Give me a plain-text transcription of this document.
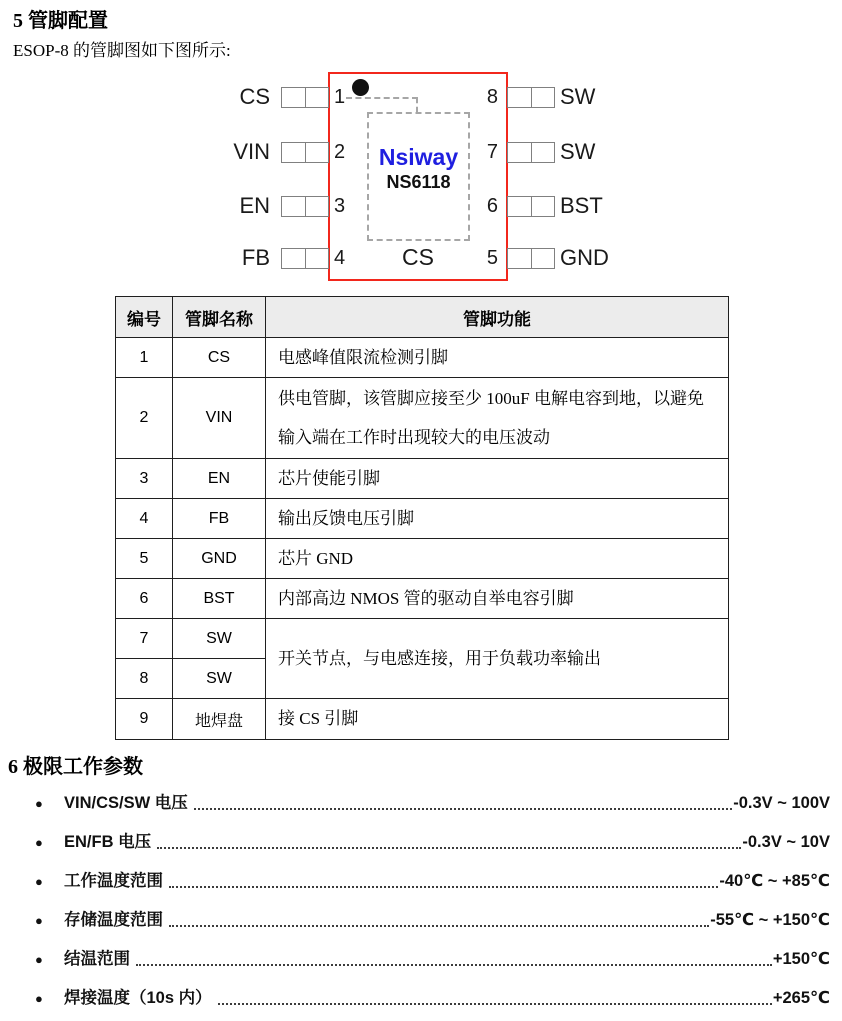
5 管脚配置
ESOP-8 的管脚图如下图所示:
Nsiway
NS6118
CS
CS	1
VIN	2
EN	3
FB	4
8	SW
7	SW
6	BST
5	GND
编号	管脚名称	管脚功能
1	CS	电感峰值限流检测引脚
2	VIN	供电管脚，该管脚应接至少 100uF 电解电容到地，以避免输入端在工作时出现较大的电压波动
3	EN	芯片使能引脚
4	FB	输出反馈电压引脚
5	GND	芯片 GND
6	BST	内部高边 NMOS 管的驱动自举电容引脚
7	SW	开关节点，与电感连接，用于负载功率输出
8	SW	
9	地焊盘	接 CS 引脚
6 极限工作参数
●	VIN/CS/SW 电压	-0.3V ~ 100V
●	EN/FB 电压	-0.3V ~ 10V
●	工作温度范围	-40℃ ~ +85℃
●	存储温度范围	-55℃ ~ +150℃
●	结温范围	+150℃
●	焊接温度（10s 内）	+265℃
